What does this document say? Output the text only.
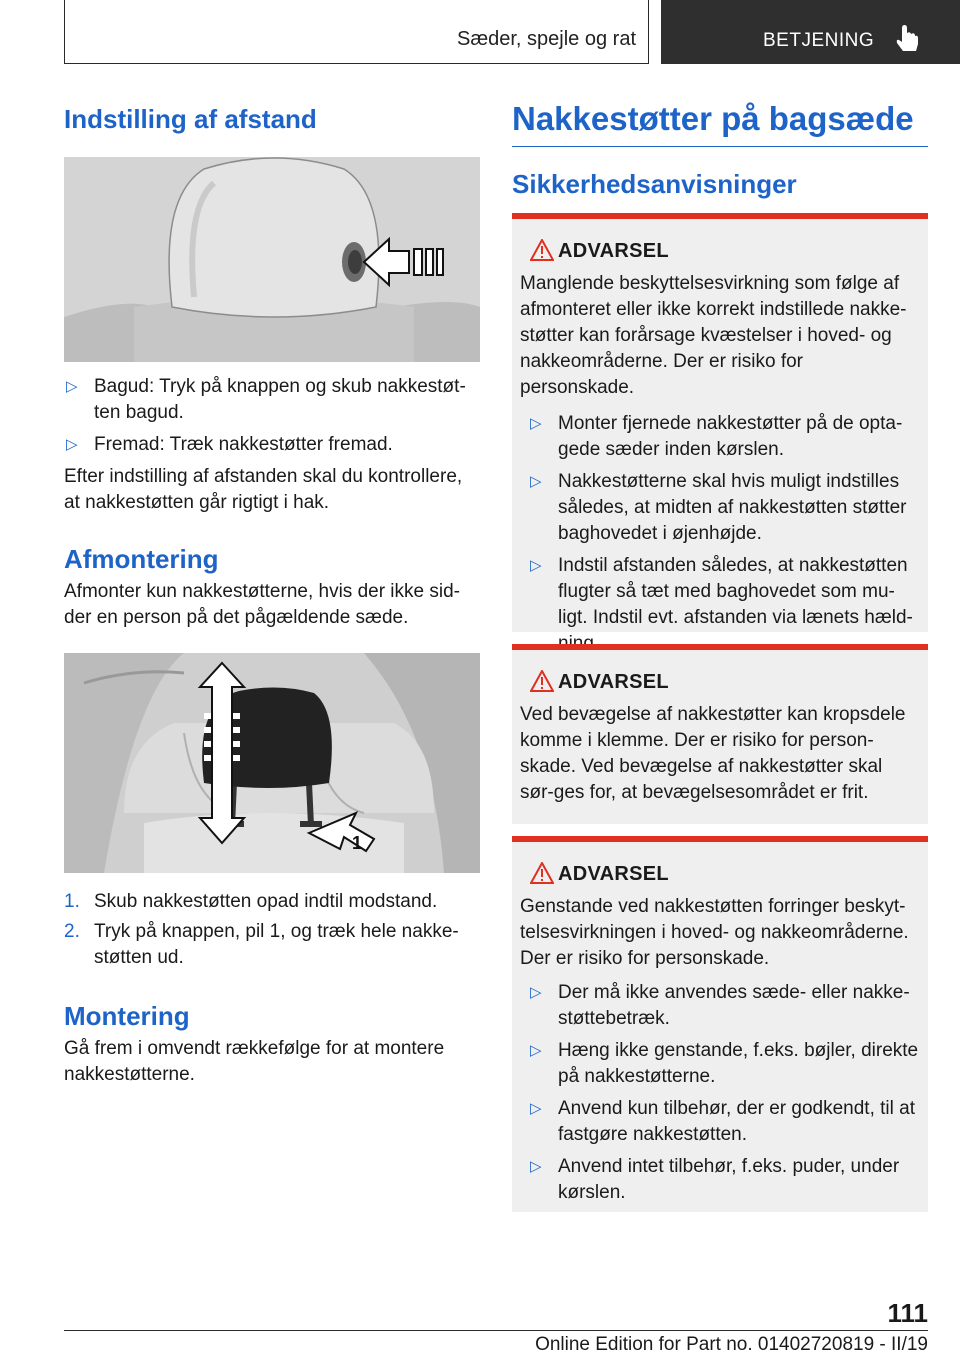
Sæder, spejle og rat	BETJENING
Indstilling af afstand
▷ Bagud: Tryk på knappen og skub nakkestøt-ten bagud.
▷ Fremad: Træk nakkestøtter fremad.

Efter indstilling af afstanden skal du kontrollere, at nakkestøtten går rigtigt i hak.

Afmontering

Afmonter kun nakkestøtterne, hvis der ikke sid-der en person på det pågældende sæde.

1
1. Skub nakkestøtten opad indtil modstand.
2. Tryk på knappen, pil 1, og træk hele nakke-støtten ud.
Montering

Gå frem i omvendt rækkefølge for at montere nakkestøtterne.

Nakkestøtter på bagsæde
Sikkerhedsanvisninger
ADVARSEL

Manglende beskyttelsesvirkning som følge af afmonteret eller ikke korrekt indstillede nakke-støtter kan forårsage kvæstelser i hoved- og nakkeområderne. Der er risiko for personskade.

▷ Monter fjernede nakkestøtter på de opta-gede sæder inden kørslen.
▷ Nakkestøtterne skal hvis muligt indstilles således, at midten af nakkestøtten støtter baghovedet i øjenhøjde.
▷ Indstil afstanden således, at nakkestøtten flugter så tæt med baghovedet som mu-ligt. Indstil evt. afstanden via lænets hæld-
ADVARSEL

Ved bevægelse af nakkestøtter kan kropsdele komme i klemme. Der er risiko for person-skade. Ved bevægelse af nakkestøtter skal sør-ges for, at bevægelsesområdet er frit.

ADVARSEL

Genstande ved nakkestøtten forringer beskyt-telsesvirkningen i hoved- og nakkeområderne. Der er risiko for personskade.

▷ Der må ikke anvendes sæde- eller nakke-støttebetræk.
▷ Hæng ikke genstande, f.eks. bøjler, direkte på nakkestøtterne.
▷ Anvend kun tilbehør, der er godkendt, til at fastgøre nakkestøtten.
▷ Anvend intet tilbehør, f.eks. puder, under kørslen.
111
Online Edition for Part no. 01402720819 - II/19
